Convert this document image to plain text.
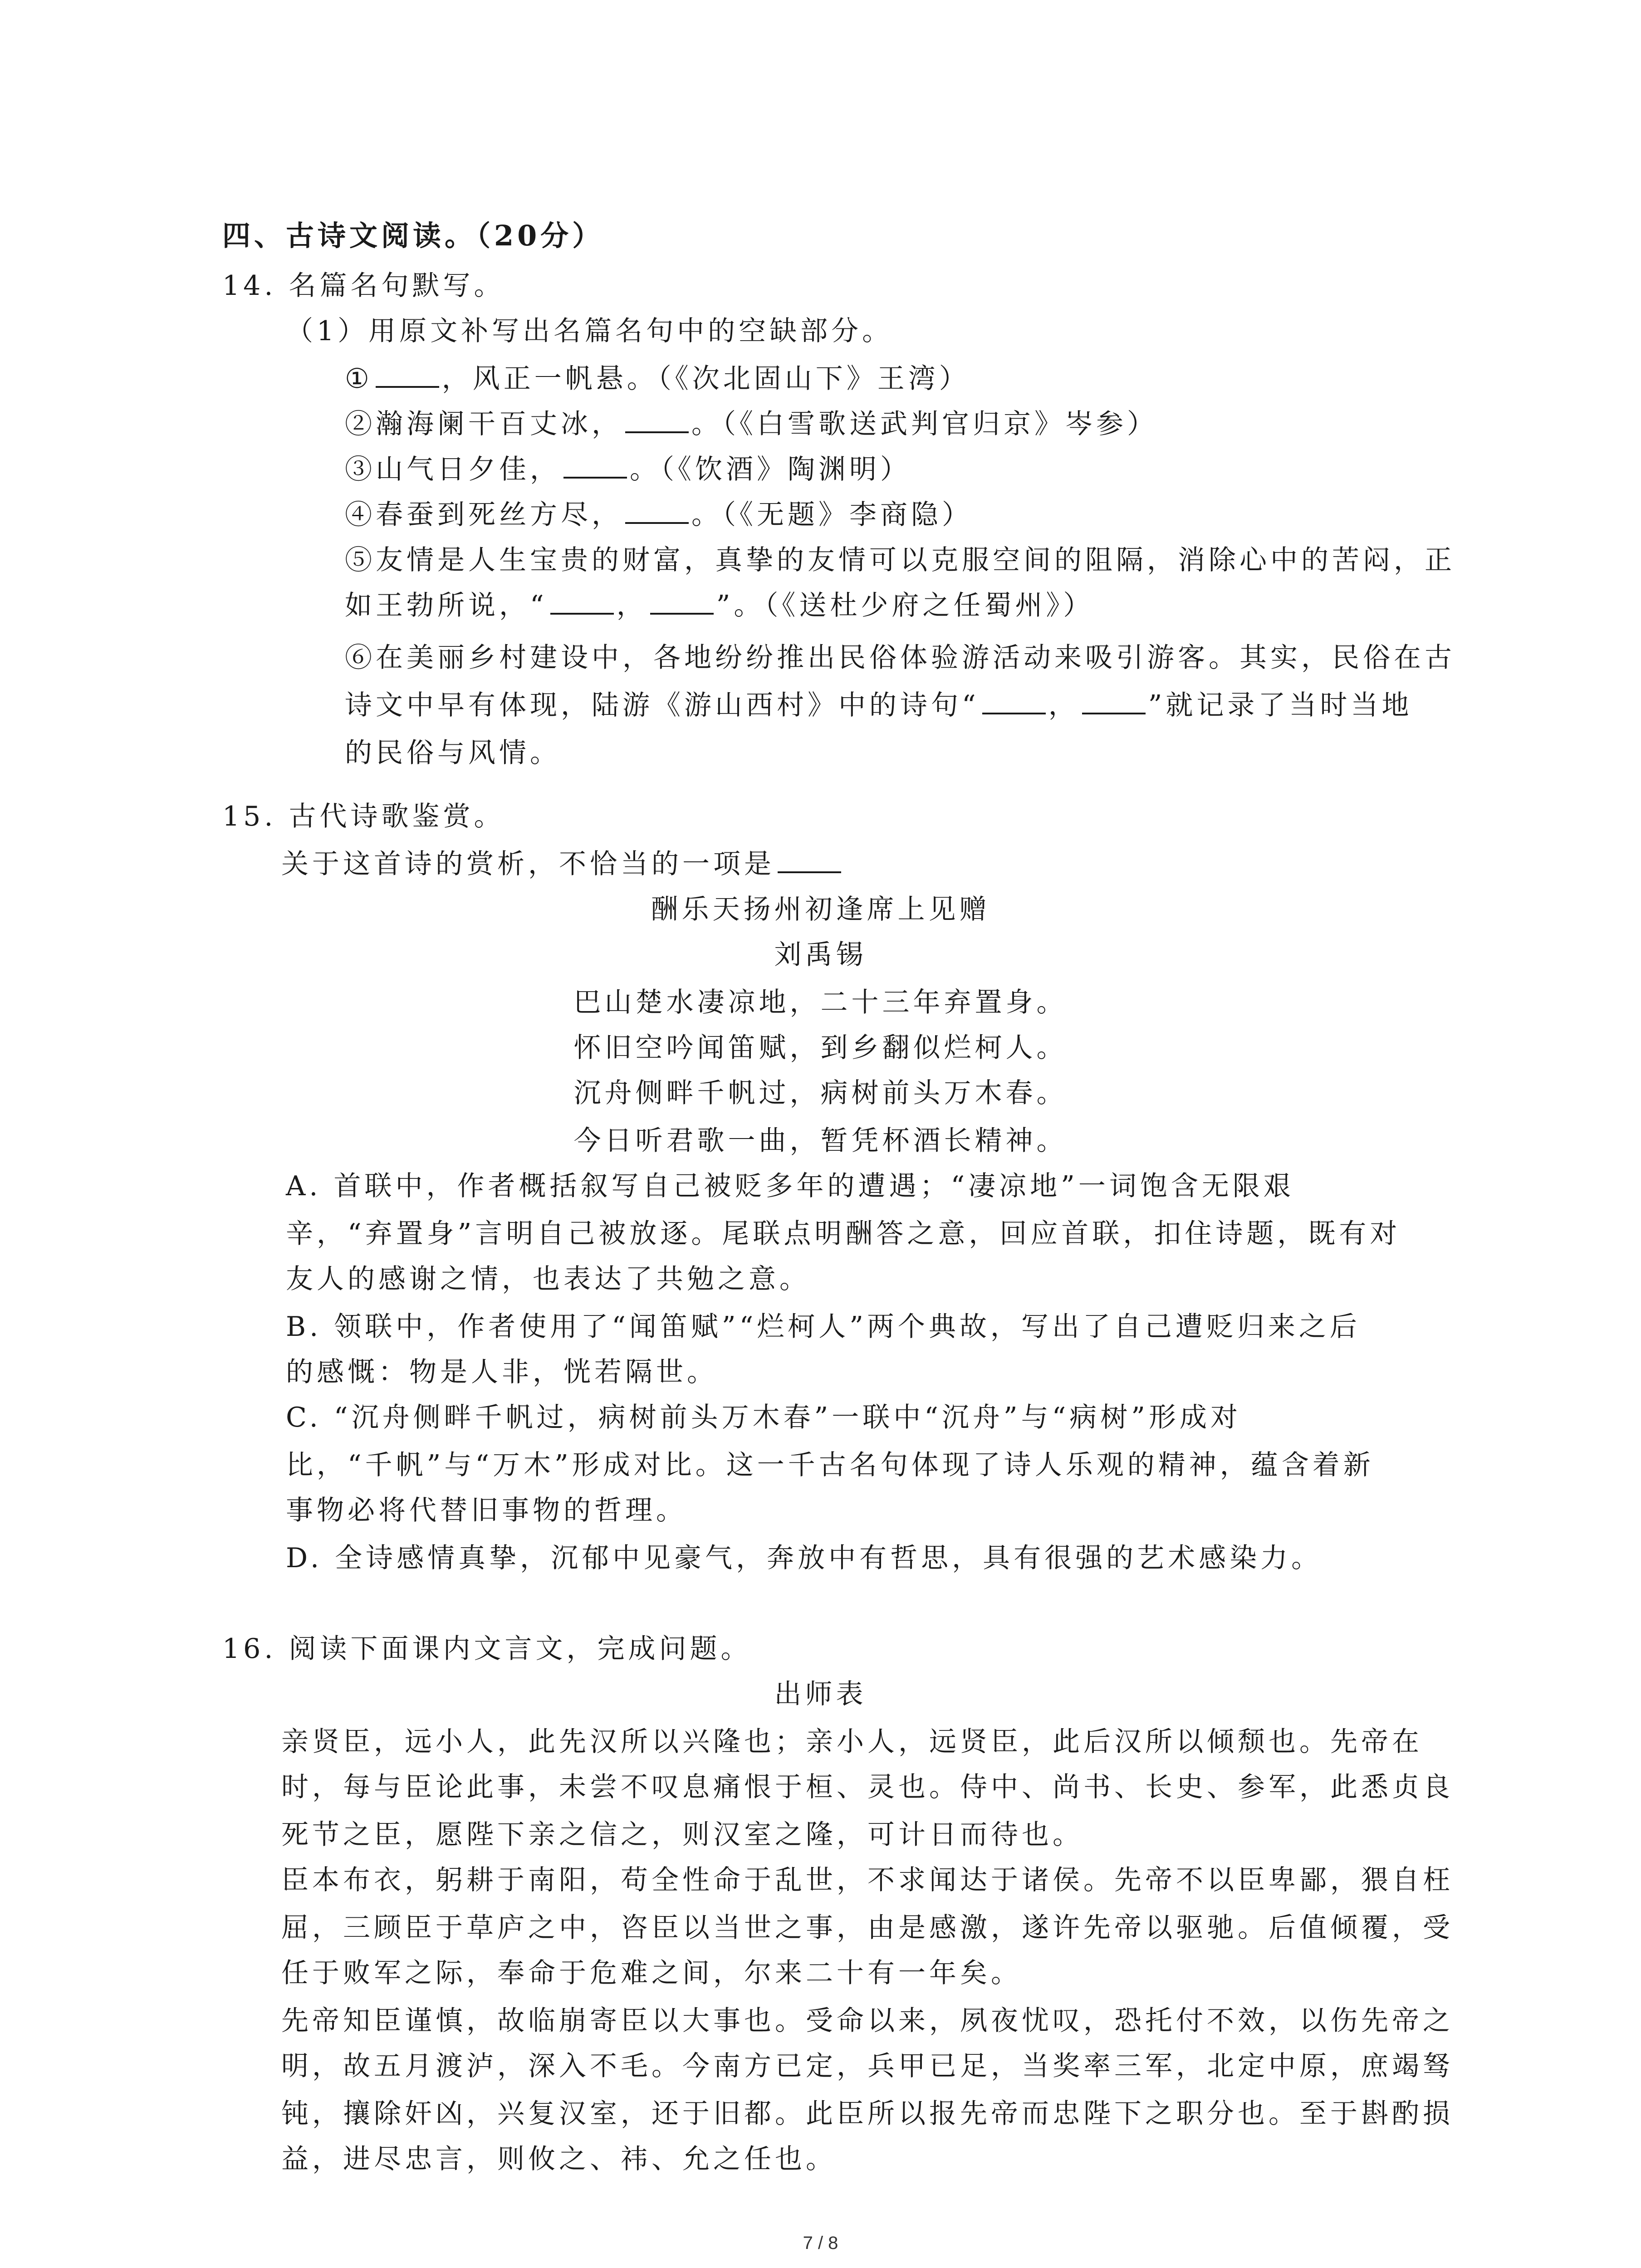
四、古诗文阅读。（20分）
14. 名篇名句默写。
（1）用原文补写出名篇名句中的空缺部分。
①	，风正一帆悬。（《次北固山下》王湾）
②瀚海阑干百丈冰，	。（《白雪歌送武判官归京》岑参）
③山气日夕佳，	。（《饮酒》陶渊明）
④春蚕到死丝方尽，	。（《无题》李商隐）
⑤友情是人生宝贵的财富，真挚的友情可以克服空间的阻隔，消除心中的苦闷，正
如王勃所说，“	，	”。（《送杜少府之任蜀州》）
⑥在美丽乡村建设中，各地纷纷推出民俗体验游活动来吸引游客。其实，民俗在古
诗文中早有体现，陆游《游山西村》中的诗句“	，	”就记录了当时当地
的民俗与风情。
15. 古代诗歌鉴赏。
关于这首诗的赏析，不恰当的一项是
酬乐天扬州初逢席上见赠
刘禹锡
巴山楚水凄凉地，二十三年弃置身。
怀旧空吟闻笛赋，到乡翻似烂柯人。
沉舟侧畔千帆过，病树前头万木春。
今日听君歌一曲，暂凭杯酒长精神。
A. 首联中，作者概括叙写自己被贬多年的遭遇；“凄凉地”一词饱含无限艰
辛，“弃置身”言明自己被放逐。尾联点明酬答之意，回应首联，扣住诗题，既有对
友人的感谢之情，也表达了共勉之意。
B. 领联中，作者使用了“闻笛赋”“烂柯人”两个典故，写出了自己遭贬归来之后
的感慨：物是人非，恍若隔世。
C. “沉舟侧畔千帆过，病树前头万木春”一联中“沉舟”与“病树”形成对
比，“千帆”与“万木”形成对比。这一千古名句体现了诗人乐观的精神，蕴含着新
事物必将代替旧事物的哲理。
D. 全诗感情真挚，沉郁中见豪气，奔放中有哲思，具有很强的艺术感染力。
16. 阅读下面课内文言文，完成问题。
出师表
亲贤臣，远小人，此先汉所以兴隆也；亲小人，远贤臣，此后汉所以倾颓也。先帝在
时，每与臣论此事，未尝不叹息痛恨于桓、灵也。侍中、尚书、长史、参军，此悉贞良
死节之臣，愿陛下亲之信之，则汉室之隆，可计日而待也。
臣本布衣，躬耕于南阳，苟全性命于乱世，不求闻达于诸侯。先帝不以臣卑鄙，猥自枉
屈，三顾臣于草庐之中，咨臣以当世之事，由是感激，遂许先帝以驱驰。后值倾覆，受
任于败军之际，奉命于危难之间，尔来二十有一年矣。
先帝知臣谨慎，故临崩寄臣以大事也。受命以来，夙夜忧叹，恐托付不效，以伤先帝之
明，故五月渡泸，深入不毛。今南方已定，兵甲已足，当奖率三军，北定中原，庶竭驽
钝，攘除奸凶，兴复汉室，还于旧都。此臣所以报先帝而忠陛下之职分也。至于斟酌损
益，进尽忠言，则攸之、祎、允之任也。
7 / 8
